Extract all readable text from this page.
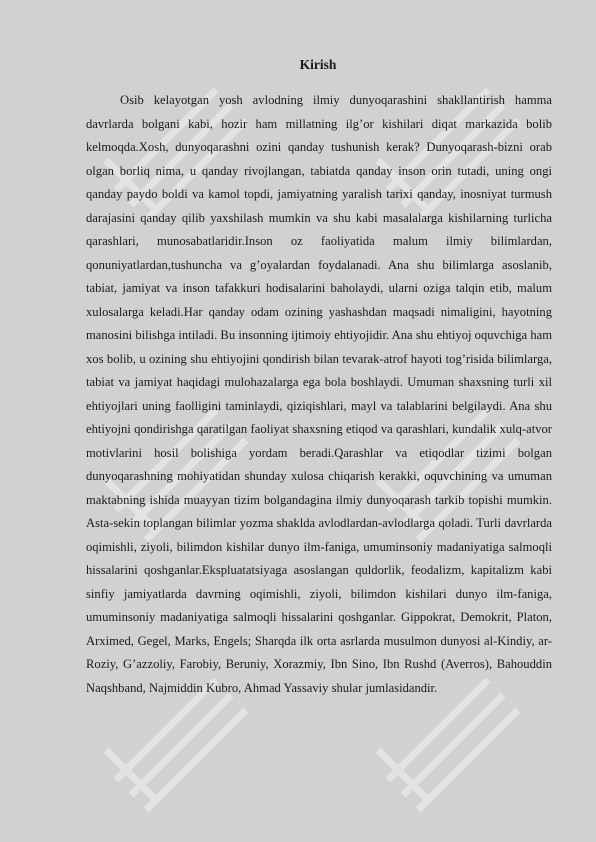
Kirish

Osib kelayotgan yosh avlodning ilmiy dunyoqarashini shakllantirish hamma davrlarda bolgani kabi, hozir ham millatning ilg’or kishilari diqat markazida bolib kelmoqda.Xosh, dunyoqarashni ozini qanday tushunish kerak? Dunyoqarash-bizni orab olgan borliq nima, u qanday rivojlangan, tabiatda qanday inson orin tutadi, uning ongi qanday paydo boldi va kamol topdi, jamiyatning yaralish tarixi qanday, inosniyat turmush darajasini qanday qilib yaxshilash mumkin va shu kabi masalalarga kishilarning turlicha qarashlari, munosabatlaridir.Inson oz faoliyatida malum ilmiy bilimlardan, qonuniyatlardan,tushuncha va g’oyalardan foydalanadi. Ana shu bilimlarga asoslanib, tabiat, jamiyat va inson tafakkuri hodisalarini baholaydi, ularni oziga talqin etib, malum xulosalarga keladi.Har qanday odam ozining yashashdan maqsadi nimaligini, hayotning manosini bilishga intiladi. Bu insonning ijtimoiy ehtiyojidir. Ana shu ehtiyoj oquvchiga ham xos bolib, u ozining shu ehtiyojini qondirish bilan tevarak-atrof hayoti tog’risida bilimlarga, tabiat va jamiyat haqidagi mulohazalarga ega bola boshlaydi. Umuman shaxsning turli xil ehtiyojlari uning faolligini taminlaydi, qiziqishlari, mayl va talablarini belgilaydi. Ana shu ehtiyojni qondirishga qaratilgan faoliyat shaxsning etiqod va qarashlari, kundalik xulq-atvor motivlarini hosil bolishiga yordam beradi.Qarashlar va etiqodlar tizimi bolgan dunyoqarashning mohiyatidan shunday xulosa chiqarish kerakki, oquvchining va umuman maktabning ishida muayyan tizim bolgandagina ilmiy dunyoqarash tarkib topishi mumkin. Asta-sekin toplangan bilimlar yozma shaklda avlodlardan-avlodlarga qoladi. Turli davrlarda oqimishli, ziyoli, bilimdon kishilar dunyo ilm-faniga, umuminsoniy madaniyatiga salmoqli hissalarini qoshganlar.Ekspluatatsiyaga asoslangan quldorlik, feodalizm, kapitalizm kabi sinfiy jamiyatlarda davrning oqimishli, ziyoli, bilimdon kishilari dunyo ilm-faniga, umuminsoniy madaniyatiga salmoqli hissalarini qoshganlar. Gippokrat, Demokrit, Platon, Arximed, Gegel, Marks, Engels; Sharqda ilk orta asrlarda musulmon dunyosi al-Kindiy, ar-Roziy, G’azzoliy, Farobiy, Beruniy, Xorazmiy, Ibn Sino, Ibn Rushd (Averros), Bahouddin Naqshband, Najmiddin Kubro, Ahmad Yassaviy shular jumlasidandir.
